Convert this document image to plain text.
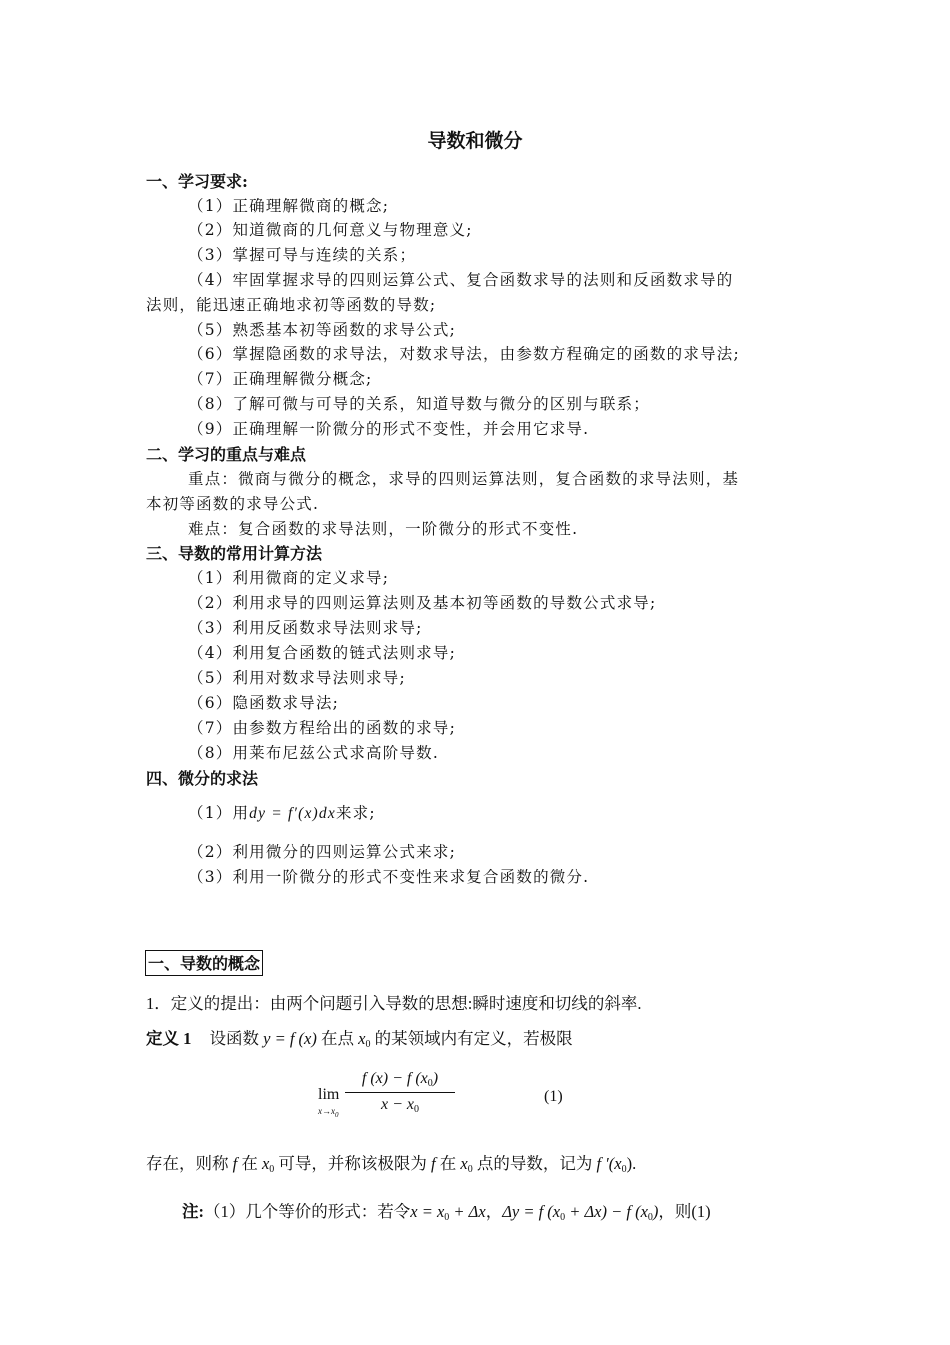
导数和微分
一、学习要求:
（1）正确理解微商的概念;
（2）知道微商的几何意义与物理意义;
（3）掌握可导与连续的关系；
（4）牢固掌握求导的四则运算公式、复合函数求导的法则和反函数求导的
法则，能迅速正确地求初等函数的导数;
（5）熟悉基本初等函数的求导公式;
（6）掌握隐函数的求导法，对数求导法，由参数方程确定的函数的求导法;
（7）正确理解微分概念;
（8）了解可微与可导的关系，知道导数与微分的区别与联系；
（9）正确理解一阶微分的形式不变性，并会用它求导.
二、学习的重点与难点
重点：微商与微分的概念，求导的四则运算法则，复合函数的求导法则，基
本初等函数的求导公式.
难点：复合函数的求导法则，一阶微分的形式不变性.
三、导数的常用计算方法
（1）利用微商的定义求导;
（2）利用求导的四则运算法则及基本初等函数的导数公式求导;
（3）利用反函数求导法则求导;
（4）利用复合函数的链式法则求导;
（5）利用对数求导法则求导;
（6）隐函数求导法;
（7）由参数方程给出的函数的求导;
（8）用莱布尼兹公式求高阶导数.
四、微分的求法
（1）用dy = f′(x)dx来求;
（2）利用微分的四则运算公式来求;
（3）利用一阶微分的形式不变性来求复合函数的微分.
一、导数的概念
1．定义的提出：由两个问题引入导数的思想:瞬时速度和切线的斜率.
定义 1 设函数 y = f (x) 在点 $x_0$ 的某领域内有定义，若极限
lim
$x\to x_0 \frac{f (x) - f (x_0)}{x - x_0}$	(1)
存在，则称 f 在 $x_0$ 可导，并称该极限为 f 在 $x_0$ 点的导数，记为 f $'(x_0)$.
注:（1）几个等价的形式：若令$x = x_0 + \Delta x$，Δy = f $(x_0 + \Delta x) - f$ $(x_0)$，则(1)
